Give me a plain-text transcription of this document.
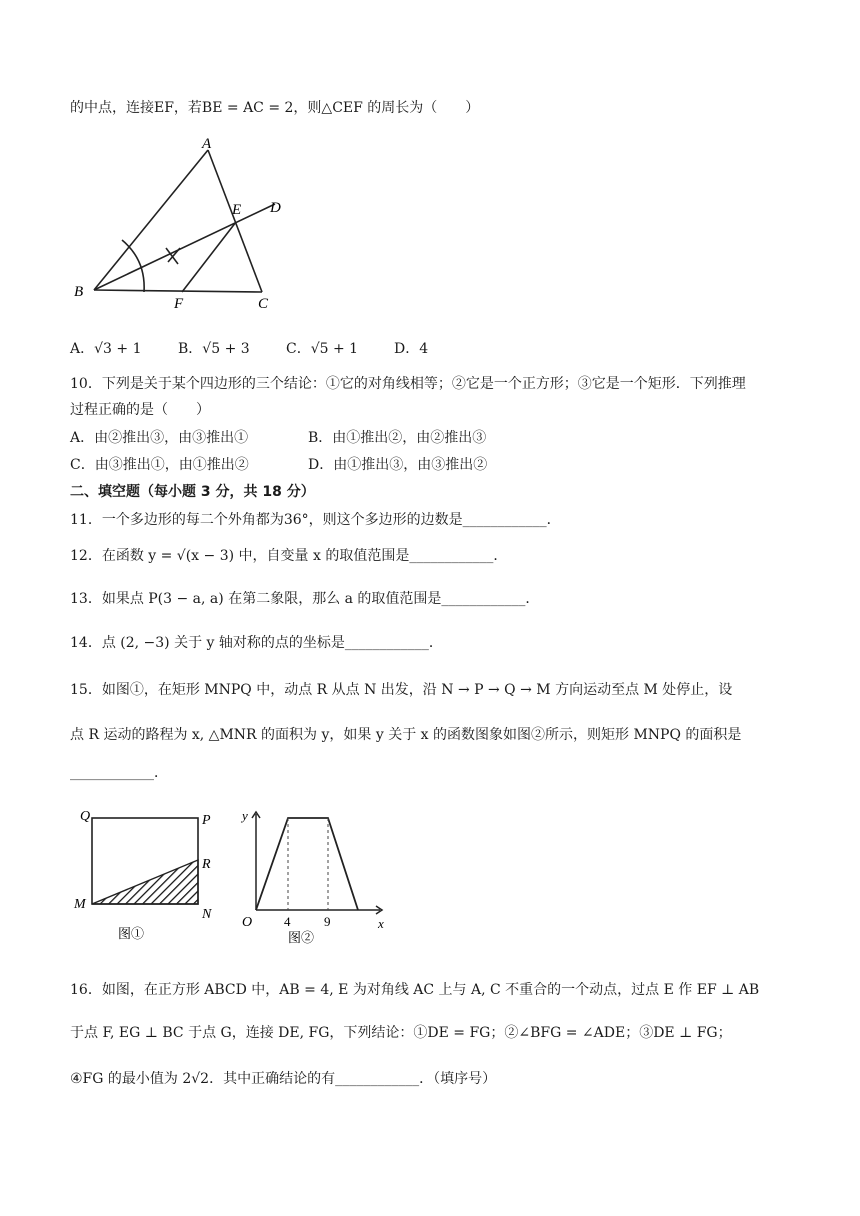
的中点，连接EF，若BE = AC = 2，则△CEF 的周长为（　　）
A
B
C
D
E
F
A．√3 + 1	B．√5 + 3	C．√5 + 1	D．4
10．下列是关于某个四边形的三个结论：①它的对角线相等；②它是一个正方形；③它是一个矩形．下列推理
过程正确的是（　　）
A．由②推出③，由③推出①	B．由①推出②，由②推出③
C．由③推出①，由①推出②	D．由①推出③，由③推出②
二、填空题（每小题 3 分，共 18 分）
11．一个多边形的每二个外角都为36°，则这个多边形的边数是____________．
12．在函数 y = √(x − 3) 中，自变量 x 的取值范围是____________．
13．如果点 P(3 − a, a) 在第二象限，那么 a 的取值范围是____________．
14．点 (2, −3) 关于 y 轴对称的点的坐标是____________．
15．如图①，在矩形 MNPQ 中，动点 R 从点 N 出发，沿 N → P → Q → M 方向运动至点 M 处停止，设
点 R 运动的路程为 x, △MNR 的面积为 y，如果 y 关于 x 的函数图象如图②所示，则矩形 MNPQ 的面积是
____________．
Q	P
R
M
N
图①
y
O	x
4	9
图②
16．如图，在正方形 ABCD 中，AB = 4, E 为对角线 AC 上与 A, C 不重合的一个动点，过点 E 作 EF ⊥ AB
于点 F, EG ⊥ BC 于点 G，连接 DE, FG，下列结论：①DE = FG；②∠BFG = ∠ADE；③DE ⊥ FG；
④FG 的最小值为 2√2．其中正确结论的有____________．（填序号）
